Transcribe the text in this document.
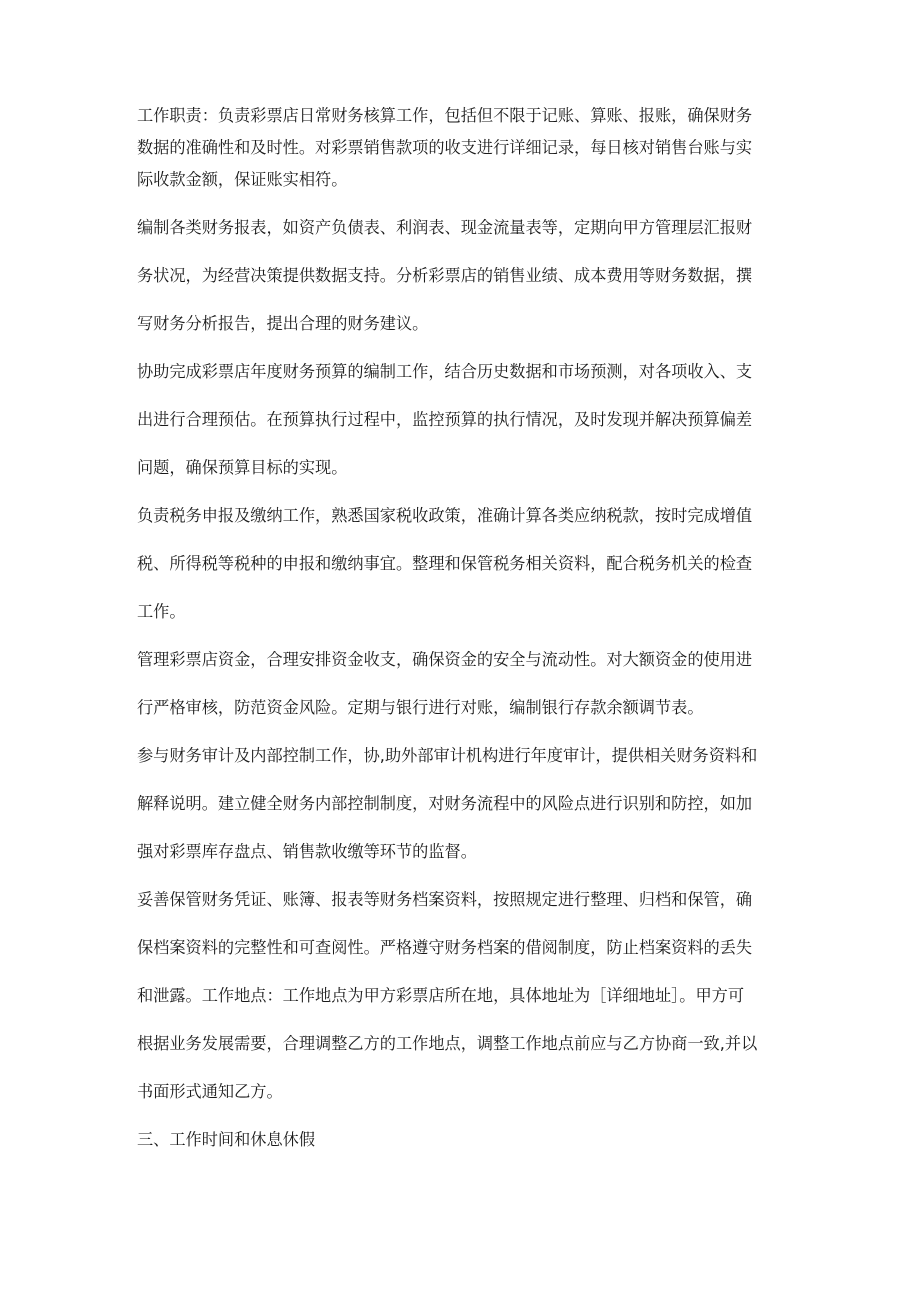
工作职责：负责彩票店日常财务核算工作，包括但不限于记账、算账、报账，确保财务
数据的准确性和及时性。对彩票销售款项的收支进行详细记录，每日核对销售台账与实
际收款金额，保证账实相符。
编制各类财务报表，如资产负债表、利润表、现金流量表等，定期向甲方管理层汇报财
务状况，为经营决策提供数据支持。分析彩票店的销售业绩、成本费用等财务数据，撰
写财务分析报告，提出合理的财务建议。
协助完成彩票店年度财务预算的编制工作，结合历史数据和市场预测，对各项收入、支
出进行合理预估。在预算执行过程中，监控预算的执行情况，及时发现并解决预算偏差
问题，确保预算目标的实现。
负责税务申报及缴纳工作，熟悉国家税收政策，准确计算各类应纳税款，按时完成增值
税、所得税等税种的申报和缴纳事宜。整理和保管税务相关资料，配合税务机关的检查
工作。
管理彩票店资金，合理安排资金收支，确保资金的安全与流动性。对大额资金的使用进
行严格审核，防范资金风险。定期与银行进行对账，编制银行存款余额调节表。
参与财务审计及内部控制工作，协,助外部审计机构进行年度审计，提供相关财务资料和
解释说明。建立健全财务内部控制制度，对财务流程中的风险点进行识别和防控，如加
强对彩票库存盘点、销售款收缴等环节的监督。
妥善保管财务凭证、账簿、报表等财务档案资料，按照规定进行整理、归档和保管，确
保档案资料的完整性和可查阅性。严格遵守财务档案的借阅制度，防止档案资料的丢失
和泄露。工作地点：工作地点为甲方彩票店所在地，具体地址为［详细地址］。甲方可
根据业务发展需要，合理调整乙方的工作地点，调整工作地点前应与乙方协商一致,并以
书面形式通知乙方。
三、工作时间和休息休假
